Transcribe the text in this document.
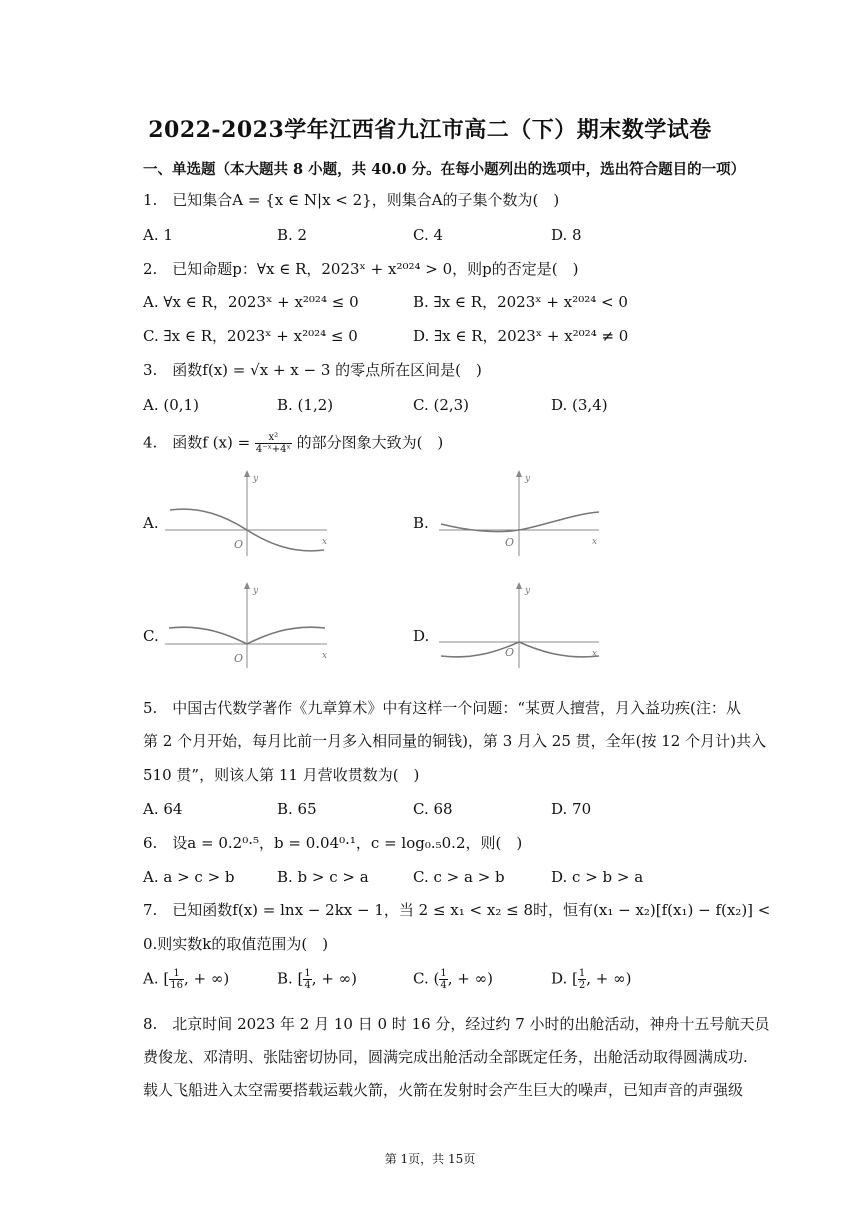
2022-2023学年江西省九江市高二（下）期末数学试卷
一、单选题（本大题共 8 小题，共 40.0 分。在每小题列出的选项中，选出符合题目的一项）
1.　已知集合A = {x ∈ N|x < 2}，则集合A的子集个数为(　)
A. 1	B. 2	C. 4	D. 8
2.　已知命题p：∀x ∈ R，2023ˣ + x²⁰²⁴ > 0，则p的否定是(　)
A. ∀x ∈ R，2023ˣ + x²⁰²⁴ ≤ 0	B. ∃x ∈ R，2023ˣ + x²⁰²⁴ < 0
C. ∃x ∈ R，2023ˣ + x²⁰²⁴ ≤ 0	D. ∃x ∈ R，2023ˣ + x²⁰²⁴ ≠ 0
3.　函数f(x) = √x + x − 3 的零点所在区间是(　)
A. (0,1)	B. (1,2)	C. (2,3)	D. (3,4)
4.　函数f $(x) = \frac{\text{x²}}{\text{4⁻ˣ+4ˣ}}$ 的部分图象大致为(　)
A.	B.
C.	D.
y
x
O
y
x
O
y
x
O
y
x
O
5.　中国古代数学著作《九章算术》中有这样一个问题：“某贾人擅营，月入益功疾(注：从
第 2 个月开始，每月比前一月多入相同量的铜钱)，第 3 月入 25 贯，全年(按 12 个月计)共入
510 贯”，则该人第 11 月营收贯数为(　)
A. 64	B. 65	C. 68	D. 70
6.　设a = 0.2⁰·⁵，b = 0.04⁰·¹，c = log₀.₅0.2，则(　)
A. a > c > b	B. b > c > a	C. c > a > b	D. c > b > a
7.　已知函数f(x) = lnx − 2kx − 1，当 2 ≤ x₁ < x₂ ≤ 8时，恒有(x₁ − x₂)[f(x₁) − f(x₂)] <
0.则实数k的取值范围为(　)
A. [ $\frac{1}{16}$ , + ∞)	B. [ $\frac{1}{4}$ , + ∞)	C. ( $\frac{1}{4}$ , + ∞)	D. [ $\frac{1}{2}$ , + ∞)
8.　北京时间 2023 年 2 月 10 日 0 时 16 分，经过约 7 小时的出舱活动，神舟十五号航天员
费俊龙、邓清明、张陆密切协同，圆满完成出舱活动全部既定任务，出舱活动取得圆满成功.
载人飞船进入太空需要搭载运载火箭，火箭在发射时会产生巨大的噪声，已知声音的声强级
第 1页，共 15页
